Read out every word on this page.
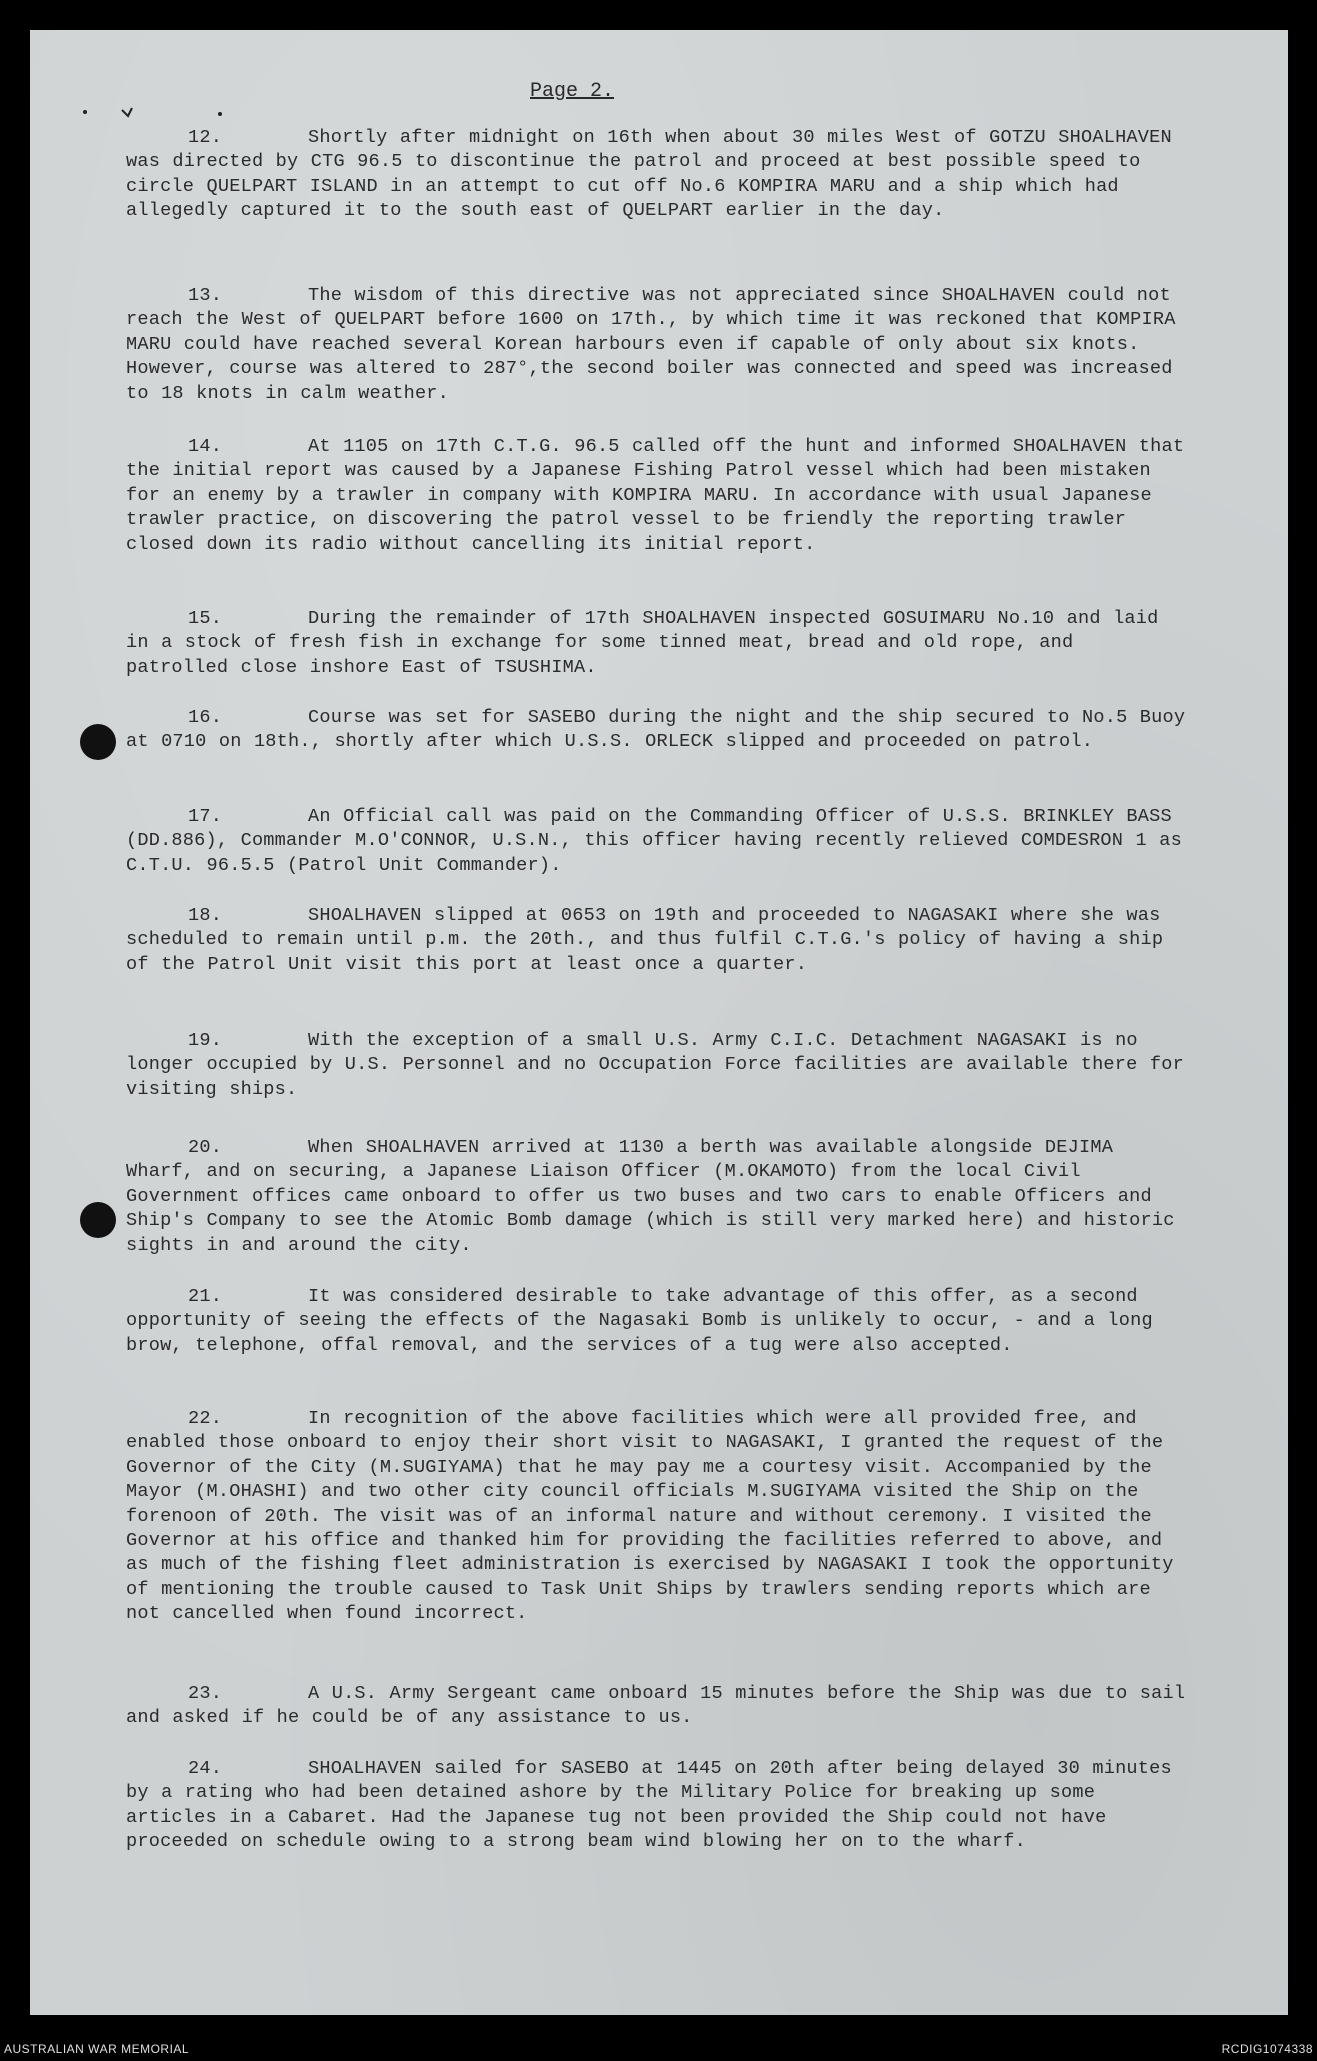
Page 2.

12.	Shortly after midnight on 16th when about 30 miles West of GOTZU SHOALHAVEN was directed by CTG 96.5 to discontinue the patrol and proceed at best possible speed to circle QUELPART ISLAND in an attempt to cut off No.6 KOMPIRA MARU and a ship which had allegedly captured it to the south east of QUELPART earlier in the day.

13.	The wisdom of this directive was not appreciated since SHOALHAVEN could not reach the West of QUELPART before 1600 on 17th., by which time it was reckoned that KOMPIRA MARU could have reached several Korean harbours even if capable of only about six knots. However, course was altered to 287°,the second boiler was connected and speed was increased to 18 knots in calm weather.

14.	At 1105 on 17th C.T.G. 96.5 called off the hunt and informed SHOALHAVEN that the initial report was caused by a Japanese Fishing Patrol vessel which had been mistaken for an enemy by a trawler in company with KOMPIRA MARU. In accordance with usual Japanese trawler practice, on discovering the patrol vessel to be friendly the reporting trawler closed down its radio without cancelling its initial report.

15.	During the remainder of 17th SHOALHAVEN inspected GOSUIMARU No.10 and laid in a stock of fresh fish in exchange for some tinned meat, bread and old rope, and patrolled close inshore East of TSUSHIMA.

16.	Course was set for SASEBO during the night and the ship secured to No.5 Buoy at 0710 on 18th., shortly after which U.S.S. ORLECK slipped and proceeded on patrol.

17.	An Official call was paid on the Commanding Officer of U.S.S. BRINKLEY BASS (DD.886), Commander M.O'CONNOR, U.S.N., this officer having recently relieved COMDESRON 1 as C.T.U. 96.5.5 (Patrol Unit Commander).

18.	SHOALHAVEN slipped at 0653 on 19th and proceeded to NAGASAKI where she was scheduled to remain until p.m. the 20th., and thus fulfil C.T.G.'s policy of having a ship of the Patrol Unit visit this port at least once a quarter.

19.	With the exception of a small U.S. Army C.I.C. Detachment NAGASAKI is no longer occupied by U.S. Personnel and no Occupation Force facilities are available there for visiting ships.

20.	When SHOALHAVEN arrived at 1130 a berth was available alongside DEJIMA Wharf, and on securing, a Japanese Liaison Officer (M.OKAMOTO) from the local Civil Government offices came onboard to offer us two buses and two cars to enable Officers and Ship's Company to see the Atomic Bomb damage (which is still very marked here) and historic sights in and around the city.

21.	It was considered desirable to take advantage of this offer, as a second opportunity of seeing the effects of the Nagasaki Bomb is unlikely to occur, - and a long brow, telephone, offal removal, and the services of a tug were also accepted.

22.	In recognition of the above facilities which were all provided free, and enabled those onboard to enjoy their short visit to NAGASAKI, I granted the request of the Governor of the City (M.SUGIYAMA) that he may pay me a courtesy visit. Accompanied by the Mayor (M.OHASHI) and two other city council officials M.SUGIYAMA visited the Ship on the forenoon of 20th. The visit was of an informal nature and without ceremony. I visited the Governor at his office and thanked him for providing the facilities referred to above, and as much of the fishing fleet administration is exercised by NAGASAKI I took the opportunity of mentioning the trouble caused to Task Unit Ships by trawlers sending reports which are not cancelled when found incorrect.

23.	A U.S. Army Sergeant came onboard 15 minutes before the Ship was due to sail and asked if he could be of any assistance to us.

24.	SHOALHAVEN sailed for SASEBO at 1445 on 20th after being delayed 30 minutes by a rating who had been detained ashore by the Military Police for breaking up some articles in a Cabaret. Had the Japanese tug not been provided the Ship could not have proceeded on schedule owing to a strong beam wind blowing her on to the wharf.

AUSTRALIAN WAR MEMORIAL	RCDIG1074338
